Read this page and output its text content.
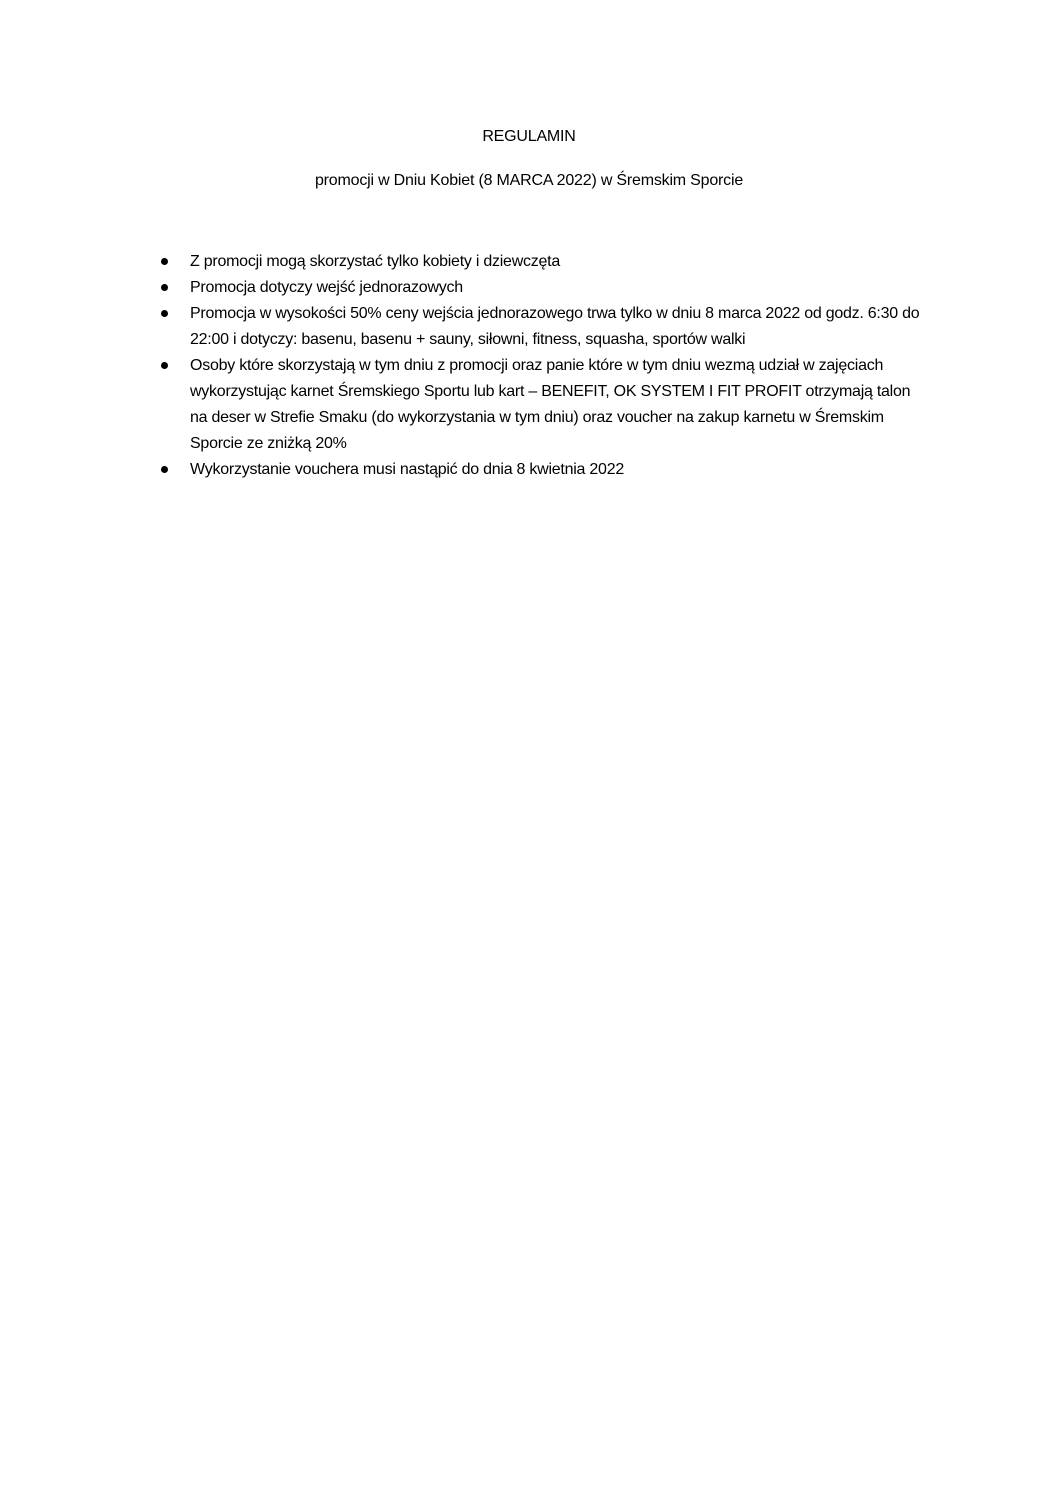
REGULAMIN
promocji w Dniu Kobiet (8 MARCA 2022) w Śremskim Sporcie
Z promocji mogą skorzystać tylko kobiety i dziewczęta
Promocja dotyczy wejść jednorazowych
Promocja w wysokości 50% ceny wejścia jednorazowego trwa tylko w dniu 8 marca 2022 od godz. 6:30 do 22:00 i dotyczy: basenu, basenu + sauny, siłowni, fitness, squasha, sportów walki
Osoby które skorzystają w tym dniu z promocji oraz panie które w tym dniu wezmą udział w zajęciach wykorzystując karnet Śremskiego Sportu lub kart – BENEFIT, OK SYSTEM I FIT PROFIT otrzymają talon na deser w Strefie Smaku (do wykorzystania w tym dniu) oraz voucher na zakup karnetu w Śremskim Sporcie ze zniżką 20%
Wykorzystanie vouchera musi nastąpić do dnia 8 kwietnia 2022
